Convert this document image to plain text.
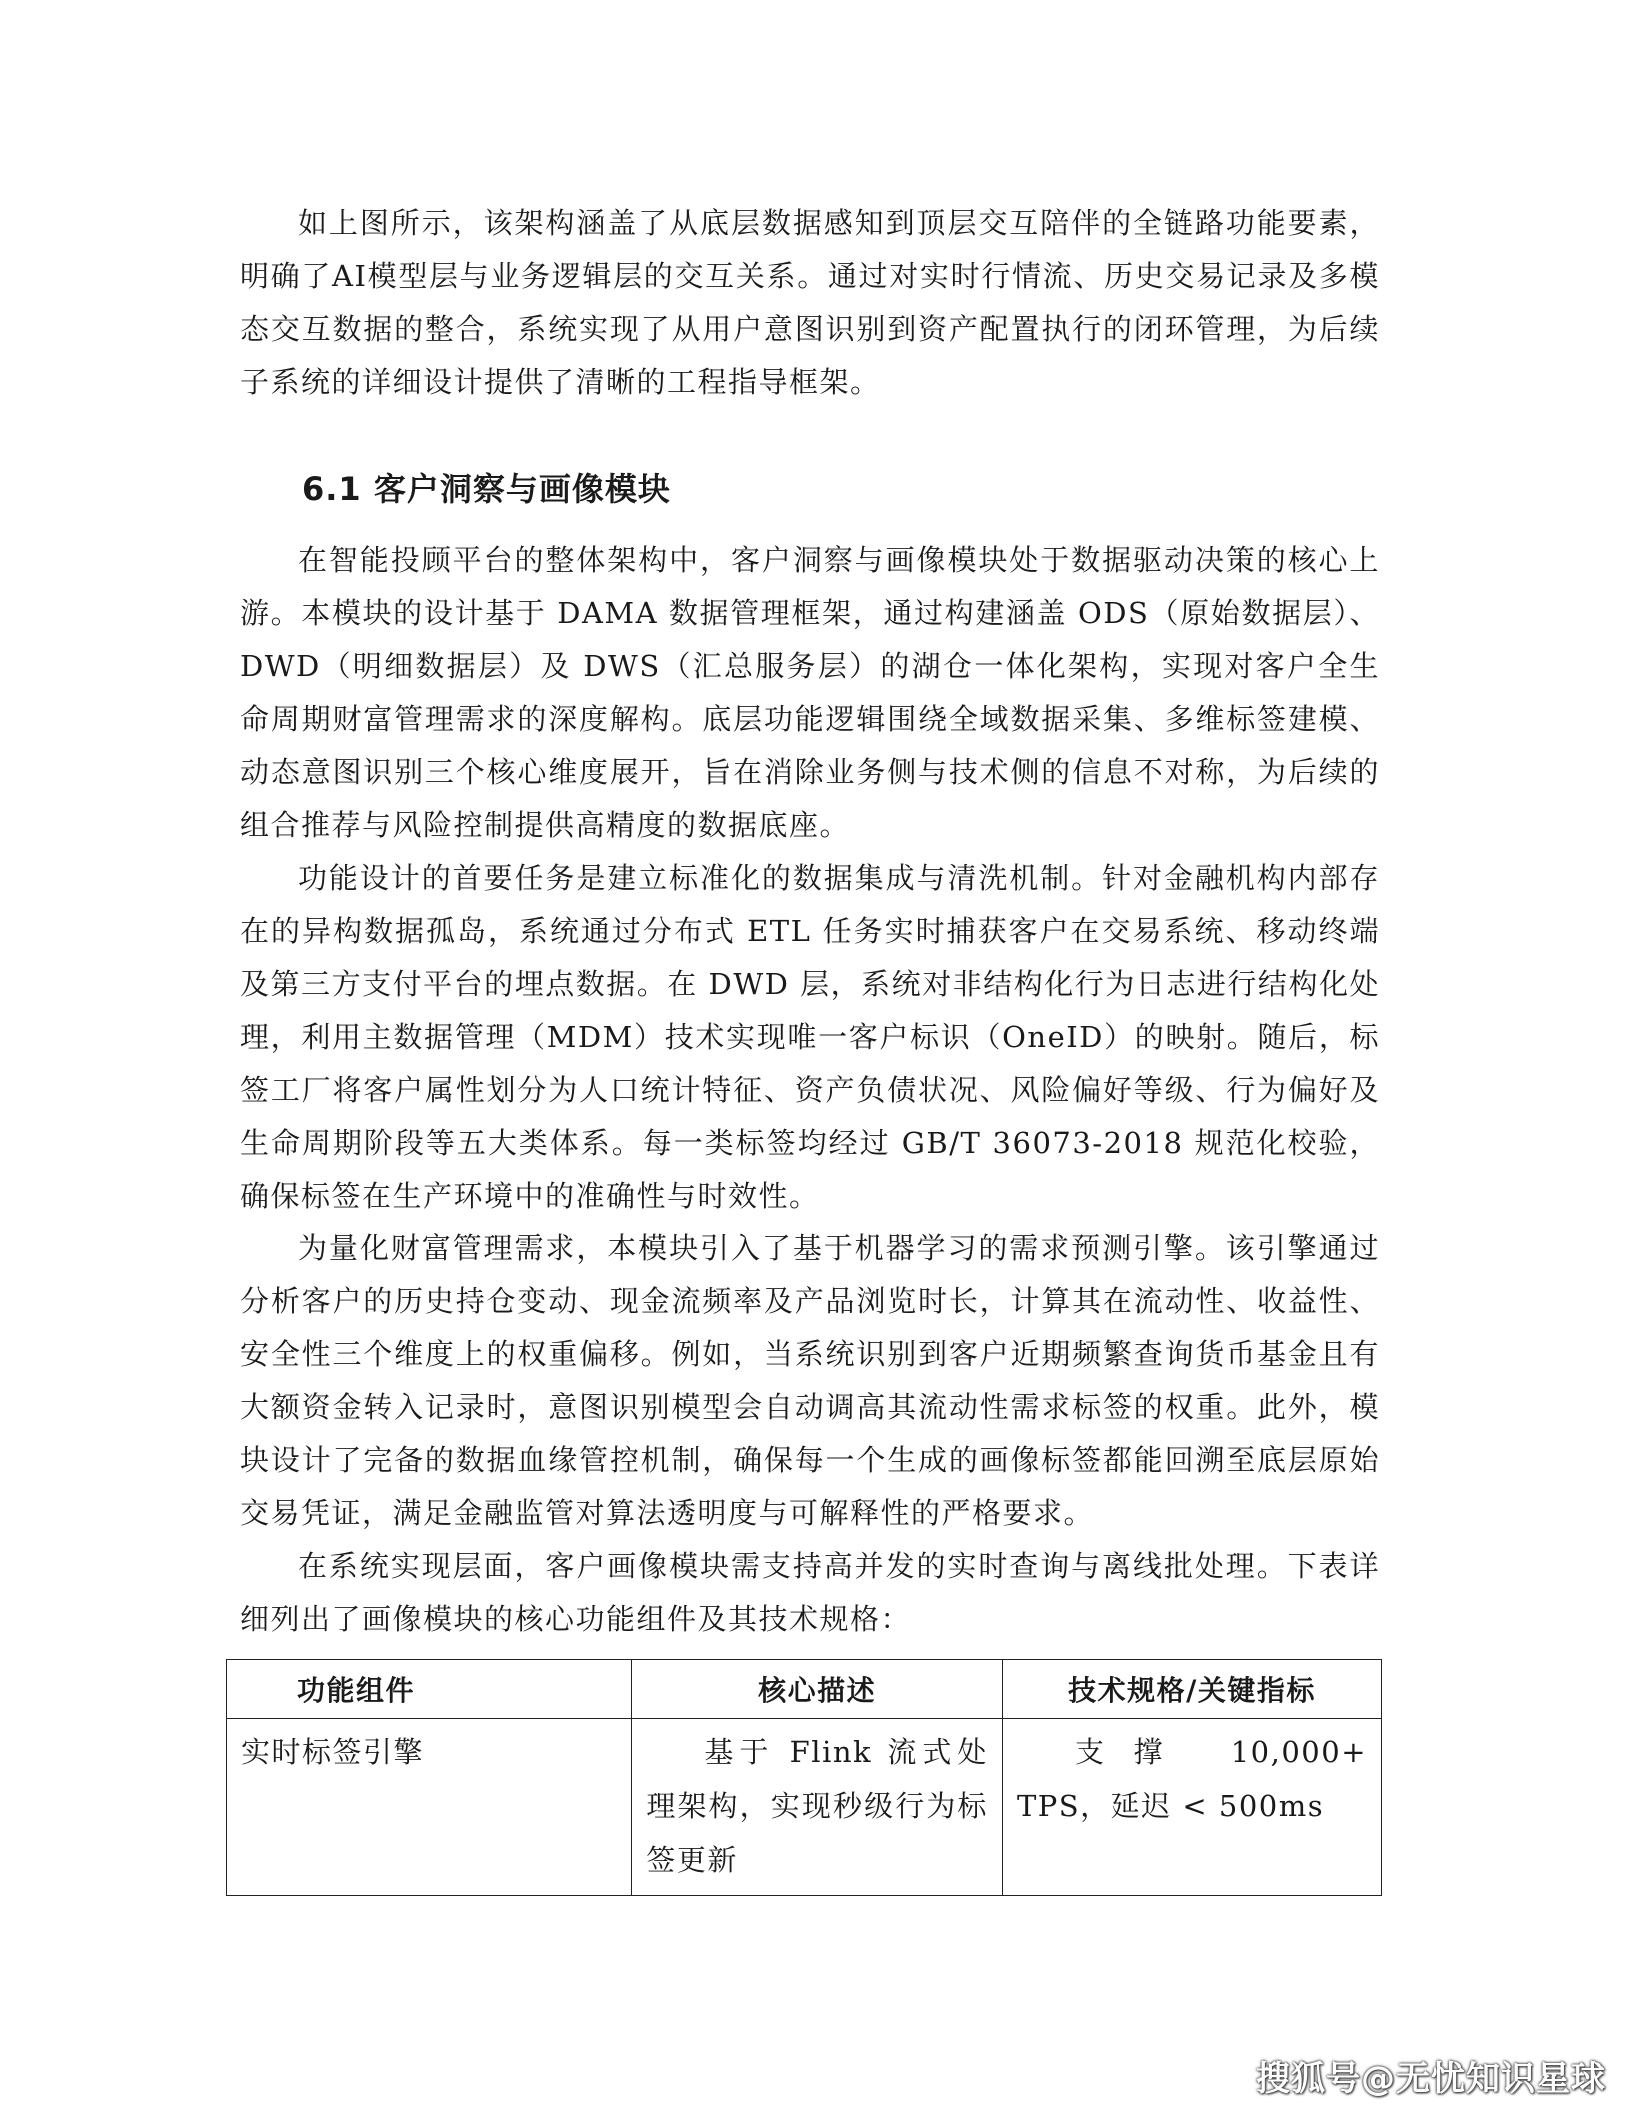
如上图所示，该架构涵盖了从底层数据感知到顶层交互陪伴的全链路功能要素，明确了AI模型层与业务逻辑层的交互关系。通过对实时行情流、历史交易记录及多模态交互数据的整合，系统实现了从用户意图识别到资产配置执行的闭环管理，为后续子系统的详细设计提供了清晰的工程指导框架。

6.1 客户洞察与画像模块

在智能投顾平台的整体架构中，客户洞察与画像模块处于数据驱动决策的核心上游。本模块的设计基于 DAMA 数据管理框架，通过构建涵盖 ODS（原始数据层）、DWD（明细数据层）及 DWS（汇总服务层）的湖仓一体化架构，实现对客户全生命周期财富管理需求的深度解构。底层功能逻辑围绕全域数据采集、多维标签建模、动态意图识别三个核心维度展开，旨在消除业务侧与技术侧的信息不对称，为后续的组合推荐与风险控制提供高精度的数据底座。

功能设计的首要任务是建立标准化的数据集成与清洗机制。针对金融机构内部存在的异构数据孤岛，系统通过分布式 ETL 任务实时捕获客户在交易系统、移动终端及第三方支付平台的埋点数据。在 DWD 层，系统对非结构化行为日志进行结构化处理，利用主数据管理（MDM）技术实现唯一客户标识（OneID）的映射。随后，标签工厂将客户属性划分为人口统计特征、资产负债状况、风险偏好等级、行为偏好及生命周期阶段等五大类体系。每一类标签均经过 GB/T 36073-2018 规范化校验，确保标签在生产环境中的准确性与时效性。

为量化财富管理需求，本模块引入了基于机器学习的需求预测引擎。该引擎通过分析客户的历史持仓变动、现金流频率及产品浏览时长，计算其在流动性、收益性、安全性三个维度上的权重偏移。例如，当系统识别到客户近期频繁查询货币基金且有大额资金转入记录时，意图识别模型会自动调高其流动性需求标签的权重。此外，模块设计了完备的数据血缘管控机制，确保每一个生成的画像标签都能回溯至底层原始交易凭证，满足金融监管对算法透明度与可解释性的严格要求。

在系统实现层面，客户画像模块需支持高并发的实时查询与离线批处理。下表详细列出了画像模块的核心功能组件及其技术规格：

功能组件	核心描述	技术规格/关键指标
实时标签引擎	基于 Flink 流式处理架构，实现秒级行为标签更新	支撑 10,000+ TPS，延迟 < 500ms
搜狐号@无忧知识星球
